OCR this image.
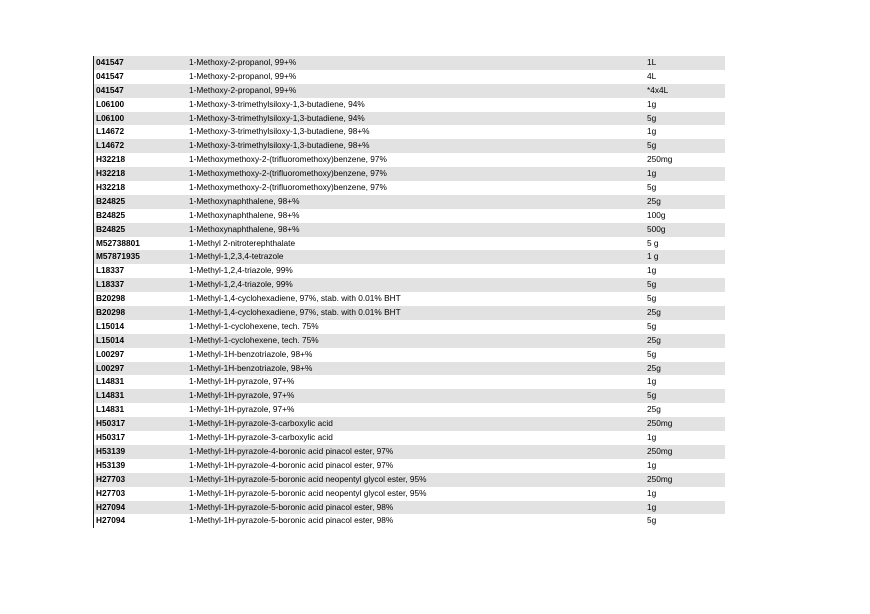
041547	1-Methoxy-2-propanol, 99+%	1L
041547	1-Methoxy-2-propanol, 99+%	4L
041547	1-Methoxy-2-propanol, 99+%	*4x4L
L06100	1-Methoxy-3-trimethylsiloxy-1,3-butadiene, 94%	1g
L06100	1-Methoxy-3-trimethylsiloxy-1,3-butadiene, 94%	5g
L14672	1-Methoxy-3-trimethylsiloxy-1,3-butadiene, 98+%	1g
L14672	1-Methoxy-3-trimethylsiloxy-1,3-butadiene, 98+%	5g
H32218	1-Methoxymethoxy-2-(trifluoromethoxy)benzene, 97%	250mg
H32218	1-Methoxymethoxy-2-(trifluoromethoxy)benzene, 97%	1g
H32218	1-Methoxymethoxy-2-(trifluoromethoxy)benzene, 97%	5g
B24825	1-Methoxynaphthalene, 98+%	25g
B24825	1-Methoxynaphthalene, 98+%	100g
B24825	1-Methoxynaphthalene, 98+%	500g
M52738801	1-Methyl 2-nitroterephthalate	5 g
M57871935	1-Methyl-1,2,3,4-tetrazole	1 g
L18337	1-Methyl-1,2,4-triazole, 99%	1g
L18337	1-Methyl-1,2,4-triazole, 99%	5g
B20298	1-Methyl-1,4-cyclohexadiene, 97%, stab. with 0.01% BHT	5g
B20298	1-Methyl-1,4-cyclohexadiene, 97%, stab. with 0.01% BHT	25g
L15014	1-Methyl-1-cyclohexene, tech. 75%	5g
L15014	1-Methyl-1-cyclohexene, tech. 75%	25g
L00297	1-Methyl-1H-benzotriazole, 98+%	5g
L00297	1-Methyl-1H-benzotriazole, 98+%	25g
L14831	1-Methyl-1H-pyrazole, 97+%	1g
L14831	1-Methyl-1H-pyrazole, 97+%	5g
L14831	1-Methyl-1H-pyrazole, 97+%	25g
H50317	1-Methyl-1H-pyrazole-3-carboxylic acid	250mg
H50317	1-Methyl-1H-pyrazole-3-carboxylic acid	1g
H53139	1-Methyl-1H-pyrazole-4-boronic acid pinacol ester, 97%	250mg
H53139	1-Methyl-1H-pyrazole-4-boronic acid pinacol ester, 97%	1g
H27703	1-Methyl-1H-pyrazole-5-boronic acid neopentyl glycol ester, 95%	250mg
H27703	1-Methyl-1H-pyrazole-5-boronic acid neopentyl glycol ester, 95%	1g
H27094	1-Methyl-1H-pyrazole-5-boronic acid pinacol ester, 98%	1g
H27094	1-Methyl-1H-pyrazole-5-boronic acid pinacol ester, 98%	5g
